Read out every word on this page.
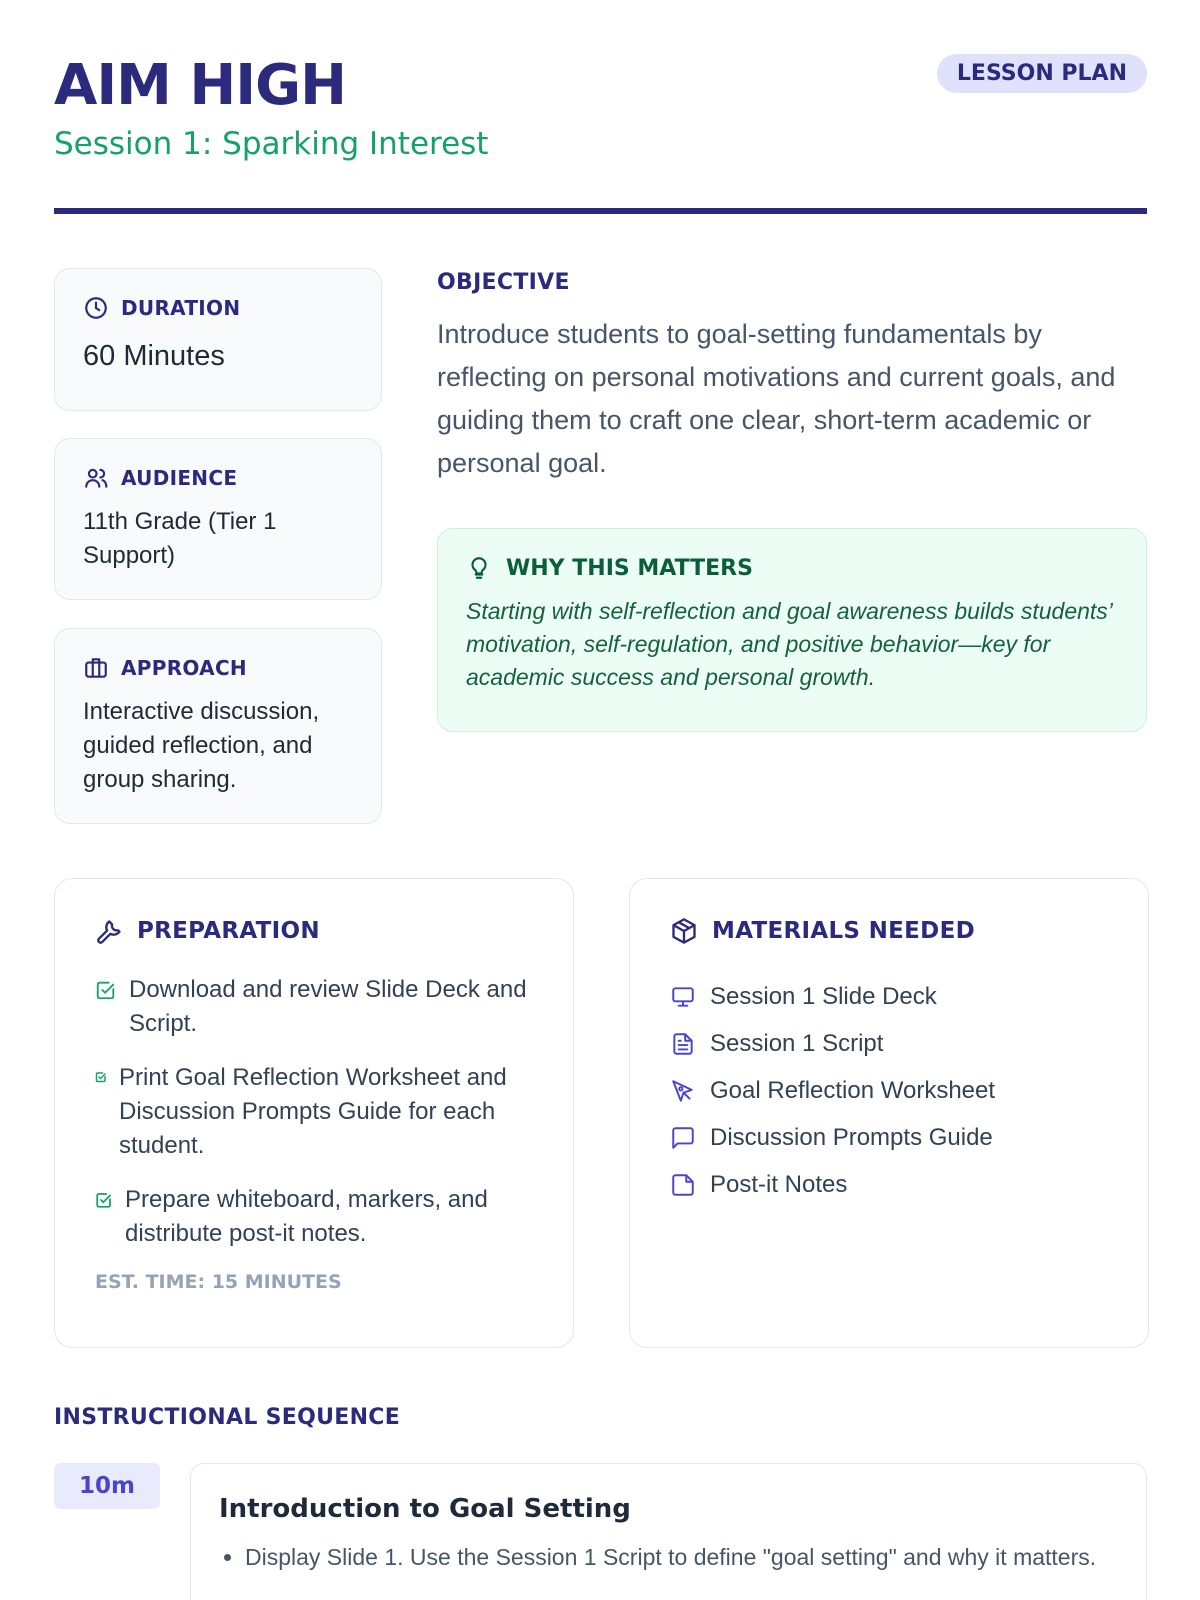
AIM HIGH
Session 1: Sparking Interest
LESSON PLAN
DURATION
60 Minutes
AUDIENCE
11th Grade (Tier 1 Support)
APPROACH
Interactive discussion, guided reflection, and group sharing.
OBJECTIVE
Introduce students to goal-setting fundamentals by reflecting on personal motivations and current goals, and guiding them to craft one clear, short-term academic or personal goal.
WHY THIS MATTERS
Starting with self-reflection and goal awareness builds students’ motivation, self-regulation, and positive behavior—key for academic success and personal growth.
PREPARATION
Download and review Slide Deck and Script.
Print Goal Reflection Worksheet and Discussion Prompts Guide for each student.
Prepare whiteboard, markers, and distribute post-it notes.
EST. TIME: 15 MINUTES
MATERIALS NEEDED
Session 1 Slide Deck
Session 1 Script
Goal Reflection Worksheet
Discussion Prompts Guide
Post-it Notes
INSTRUCTIONAL SEQUENCE
10m
Introduction to Goal Setting
• Display Slide 1. Use the Session 1 Script to define "goal setting" and why it matters.
